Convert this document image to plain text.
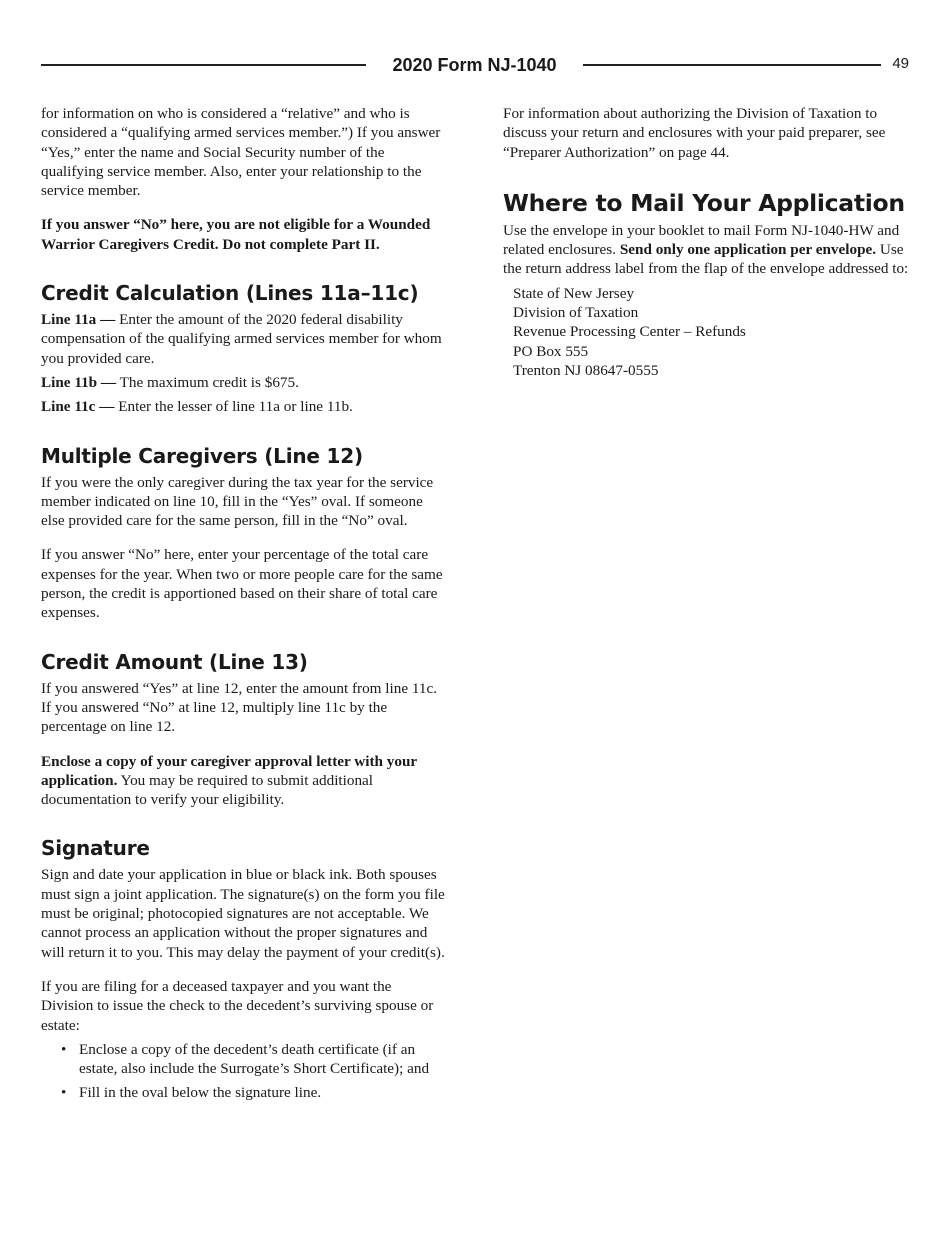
2020 Form NJ-1040	49

for information on who is considered a “relative” and who is considered a “qualifying armed services member.”) If you answer “Yes,” enter the name and Social Security number of the qualifying service member. Also, enter your relationship to the service member.

If you answer “No” here, you are not eligible for a Wounded Warrior Caregivers Credit. Do not complete Part II.

Credit Calculation (Lines 11a–11c)

Line 11a — Enter the amount of the 2020 federal disability compensation of the qualifying armed services member for whom you provided care.

Line 11b — The maximum credit is $675.

Line 11c — Enter the lesser of line 11a or line 11b.

Multiple Caregivers (Line 12)

If you were the only caregiver during the tax year for the service member indicated on line 10, fill in the “Yes” oval. If someone else provided care for the same person, fill in the “No” oval.

If you answer “No” here, enter your percentage of the total care expenses for the year. When two or more people care for the same person, the credit is apportioned based on their share of total care expenses.

Credit Amount (Line 13)

If you answered “Yes” at line 12, enter the amount from line 11c. If you answered “No” at line 12, multiply line 11c by the percentage on line 12.

Enclose a copy of your caregiver approval letter with your application. You may be required to submit additional documentation to verify your eligibility.

Signature

Sign and date your application in blue or black ink. Both spouses must sign a joint application. The signature(s) on the form you file must be original; photocopied signatures are not acceptable. We cannot process an application without the proper signatures and will return it to you. This may delay the payment of your credit(s).

If you are filing for a deceased taxpayer and you want the Division to issue the check to the decedent’s surviving spouse or estate:

• Enclose a copy of the decedent’s death certificate (if an estate, also include the Surrogate’s Short Certificate); and
• Fill in the oval below the signature line.

For information about authorizing the Division of Taxation to discuss your return and enclosures with your paid preparer, see “Preparer Authorization” on page 44.

Where to Mail Your Application

Use the envelope in your booklet to mail Form NJ-1040-HW and related enclosures. Send only one application per envelope. Use the return address label from the flap of the envelope addressed to:

State of New Jersey
Division of Taxation
Revenue Processing Center – Refunds
PO Box 555
Trenton NJ 08647-0555
